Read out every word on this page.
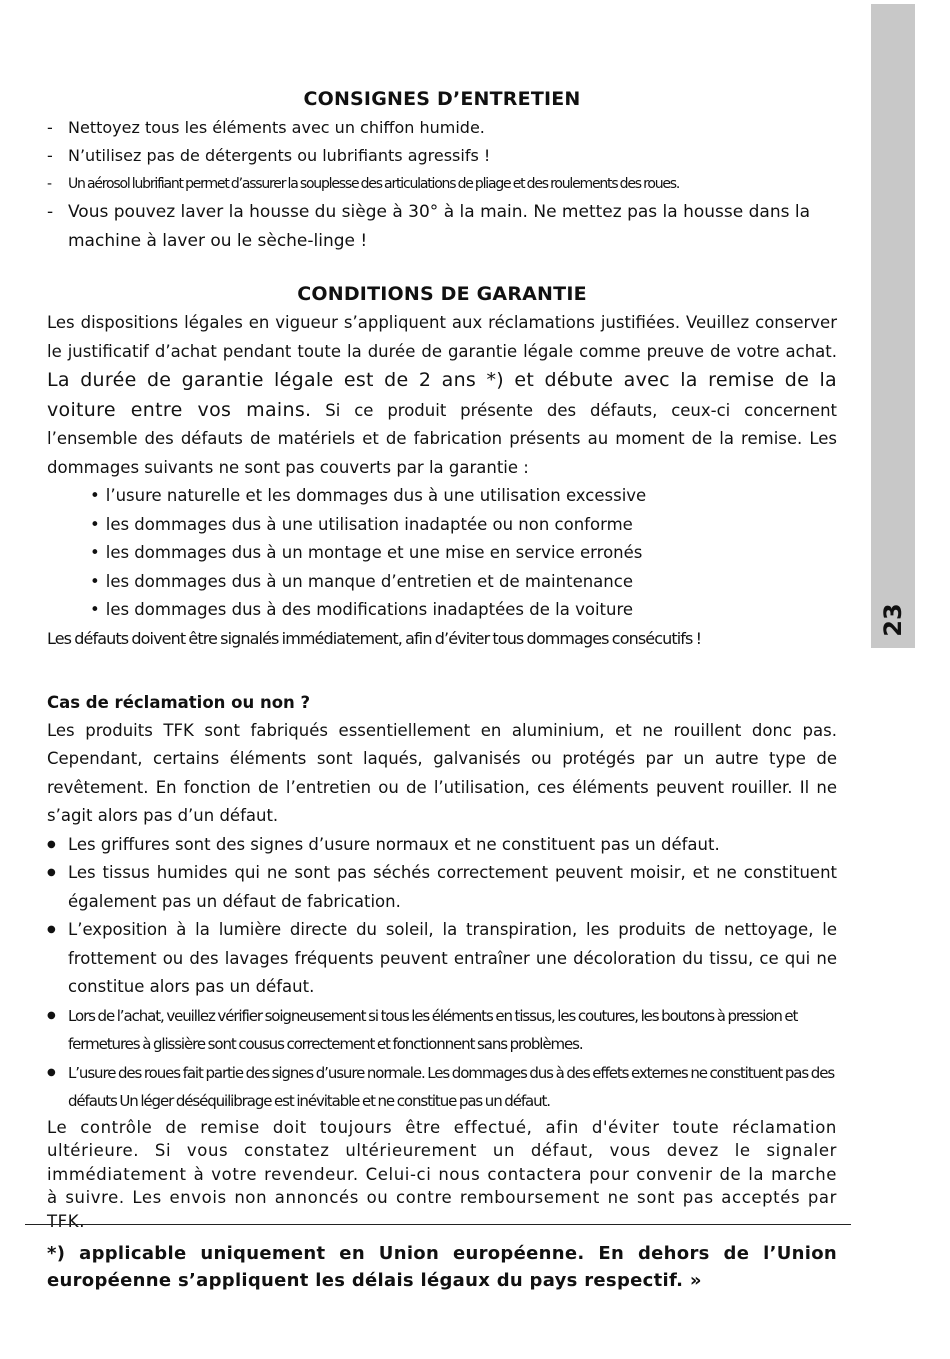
23
CONSIGNES D’ENTRETIEN
- Nettoyez tous les éléments avec un chiffon humide.
- N’utilisez pas de détergents ou lubrifiants agressifs !
- Un aérosol lubrifiant permet d’assurer la souplesse des articulations de pliage et des roulements des roues.
- Vous pouvez laver la housse du siège à 30° à la main. Ne mettez pas la housse dans la machine à laver ou le sèche-linge !
CONDITIONS DE GARANTIE

Les dispositions légales en vigueur s’appliquent aux réclamations justifiées. Veuillez conserver le justificatif d’achat pendant toute la durée de garantie légale comme preuve de votre achat. La durée de garantie légale est de 2 ans *) et débute avec la remise de la voiture entre vos mains. Si ce produit présente des défauts, ceux-ci concernent l’ensemble des défauts de matériels et de fabrication présents au moment de la remise. Les dommages suivants ne sont pas couverts par la garantie :

• l’usure naturelle et les dommages dus à une utilisation excessive
• les dommages dus à une utilisation inadaptée ou non conforme
• les dommages dus à un montage et une mise en service erronés
• les dommages dus à un manque d’entretien et de maintenance
• les dommages dus à des modifications inadaptées de la voiture

Les défauts doivent être signalés immédiatement, afin d’éviter tous dommages consécutifs !

Cas de réclamation ou non ?

Les produits TFK sont fabriqués essentiellement en aluminium, et ne rouillent donc pas. Cependant, certains éléments sont laqués, galvanisés ou protégés par un autre type de revêtement. En fonction de l’entretien ou de l’utilisation, ces éléments peuvent rouiller. Il ne s’agit alors pas d’un défaut.

● Les griffures sont des signes d’usure normaux et ne constituent pas un défaut.
● Les tissus humides qui ne sont pas séchés correctement peuvent moisir, et ne constituent également pas un défaut de fabrication.
● L’exposition à la lumière directe du soleil, la transpiration, les produits de nettoyage, le frottement ou des lavages fréquents peuvent entraîner une décoloration du tissu, ce qui ne constitue alors pas un défaut.
● Lors de l’achat, veuillez vérifier soigneusement si tous les éléments en tissus, les coutures, les boutons à pression et fermetures à glissière sont cousus correctement et fonctionnent sans problèmes.
● L’usure des roues fait partie des signes d’usure normale. Les dommages dus à des effets externes ne constituent pas des défauts Un léger déséquilibrage est inévitable et ne constitue pas un défaut.

Le contrôle de remise doit toujours être effectué, afin d'éviter toute réclamation ultérieure. Si vous constatez ultérieurement un défaut, vous devez le signaler immédiatement à votre revendeur. Celui-ci nous contactera pour convenir de la marche à suivre. Les envois non annoncés ou contre remboursement ne sont pas acceptés par TFK.

*) applicable uniquement en Union européenne. En dehors de l’Union européenne s’appliquent les délais légaux du pays respectif. »
